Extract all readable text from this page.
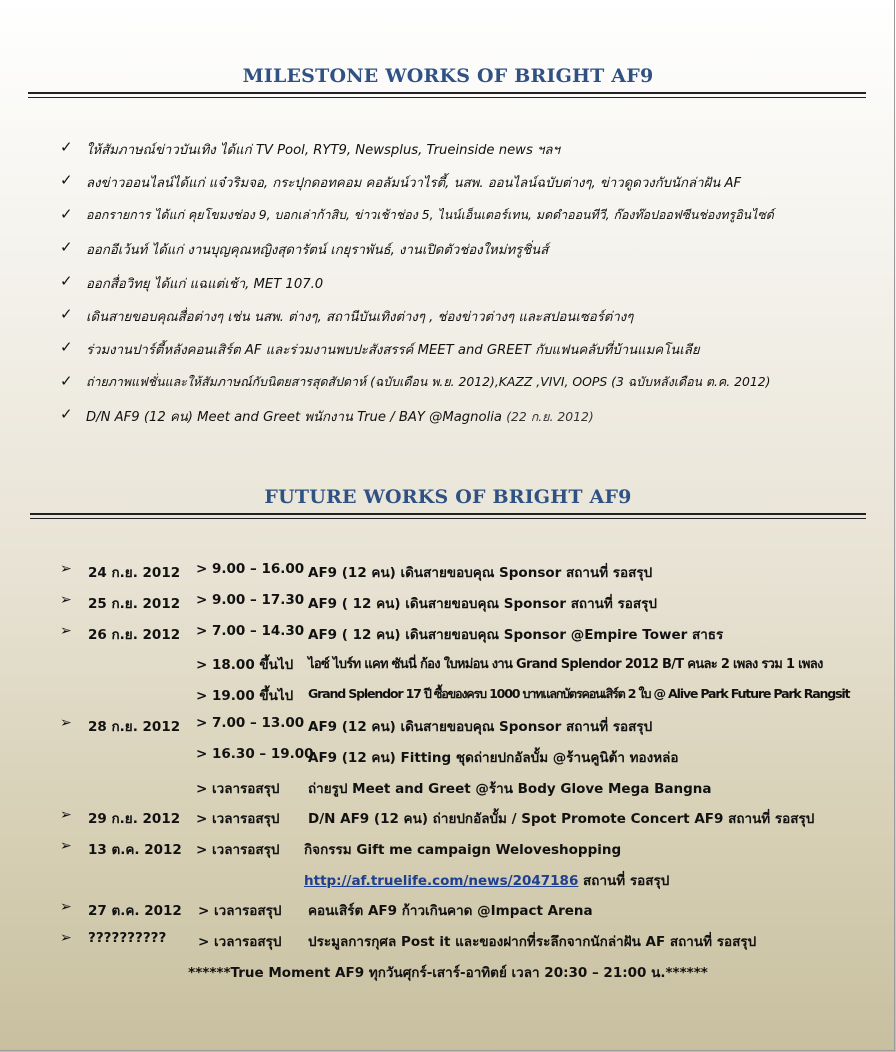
MILESTONE WORKS OF BRIGHT AF9
✓ ให้สัมภาษณ์ข่าวบันเทิง ได้แก่ TV Pool, RYT9, Newsplus, Trueinside news ฯลฯ
✓ ลงข่าวออนไลน์ได้แก่ แจ๋วริมจอ, กระปุกดอทคอม คอลัมน์วาไรตี้, นสพ. ออนไลน์ฉบับต่างๆ, ข่าวดูดวงกับนักล่าฝัน AF
✓ ออกรายการ ได้แก่ คุยโขมงช่อง 9, บอกเล่าก้าสิบ, ข่าวเช้าช่อง 5, ไนน์เอ็นเตอร์เทน, มดดำออนทีวี, ก๊องท๊อปออฟซีนช่องทรูอินไซด์
✓ ออกอีเว้นท์ ได้แก่ งานบุญคุณหญิงสุดารัตน์ เกยุราพันธ์, งานเปิดตัวช่องใหม่ทรูชิ่นส์
✓ ออกสื่อวิทยุ ได้แก่ แฉแต่เช้า, MET 107.0
✓ เดินสายขอบคุณสื่อต่างๆ เช่น นสพ. ต่างๆ, สถานีบันเทิงต่างๆ , ช่องข่าวต่างๆ และสปอนเซอร์ต่างๆ
✓ ร่วมงานปาร์ตี้หลังคอนเสิร์ต AF และร่วมงานพบปะสังสรรค์ MEET and GREET กับแฟนคลับที่บ้านแมคโนเลีย
✓ ถ่ายภาพแฟชั่นและให้สัมภาษณ์กับนิตยสารสุดสัปดาห์ (ฉบับเดือน พ.ย. 2012),KAZZ ,VIVI, OOPS (3 ฉบับหลังเดือน ต.ค. 2012)
✓ D/N AF9 (12 คน) Meet and Greet พนักงาน True / BAY @Magnolia (22 ก.ย. 2012)
FUTURE WORKS OF BRIGHT AF9
➢ 24 ก.ย. 2012 > 9.00 – 16.00 AF9 (12 คน) เดินสายขอบคุณ Sponsor สถานที่ รอสรุป
➢ 25 ก.ย. 2012 > 9.00 – 17.30 AF9 ( 12 คน) เดินสายขอบคุณ Sponsor สถานที่ รอสรุป
➢ 26 ก.ย. 2012 > 7.00 – 14.30 AF9 ( 12 คน) เดินสายขอบคุณ Sponsor @Empire Tower สาธร
> 18.00 ขึ้นไป ไอซ์ ไบร์ท แคท ซันนี่ ก้อง ใบหม่อน งาน Grand Splendor 2012 B/T คนละ 2 เพลง รวม 1 เพลง
> 19.00 ขึ้นไป Grand Splendor 17 ปี ซื้อของครบ 1000 บาทแลกบัตรคอนเสิร์ต 2 ใบ @ Alive Park Future Park Rangsit
➢ 28 ก.ย. 2012 > 7.00 – 13.00 AF9 (12 คน) เดินสายขอบคุณ Sponsor สถานที่ รอสรุป
> 16.30 – 19.00
AF9 (12 คน) Fitting ชุดถ่ายปกอัลบั้ม @ร้านคูนิต้า ทองหล่อ
> เวลารอสรุป ถ่ายรูป Meet and Greet @ร้าน Body Glove Mega Bangna
➢ 29 ก.ย. 2012 > เวลารอสรุป D/N AF9 (12 คน) ถ่ายปกอัลบั้ม / Spot Promote Concert AF9 สถานที่ รอสรุป
➢ 13 ต.ค. 2012 > เวลารอสรุป กิจกรรม Gift me campaign Weloveshopping
http://af.truelife.com/news/2047186 สถานที่ รอสรุป
➢ 27 ต.ค. 2012 > เวลารอสรุป คอนเสิร์ต AF9 ก้าวเกินคาด @Impact Arena
➢ ?????????? > เวลารอสรุป ประมูลการกุศล Post it และของฝากที่ระลึกจากนักล่าฝัน AF สถานที่ รอสรุป
******True Moment AF9 ทุกวันศุกร์-เสาร์-อาทิตย์ เวลา 20:30 – 21:00 น.******
